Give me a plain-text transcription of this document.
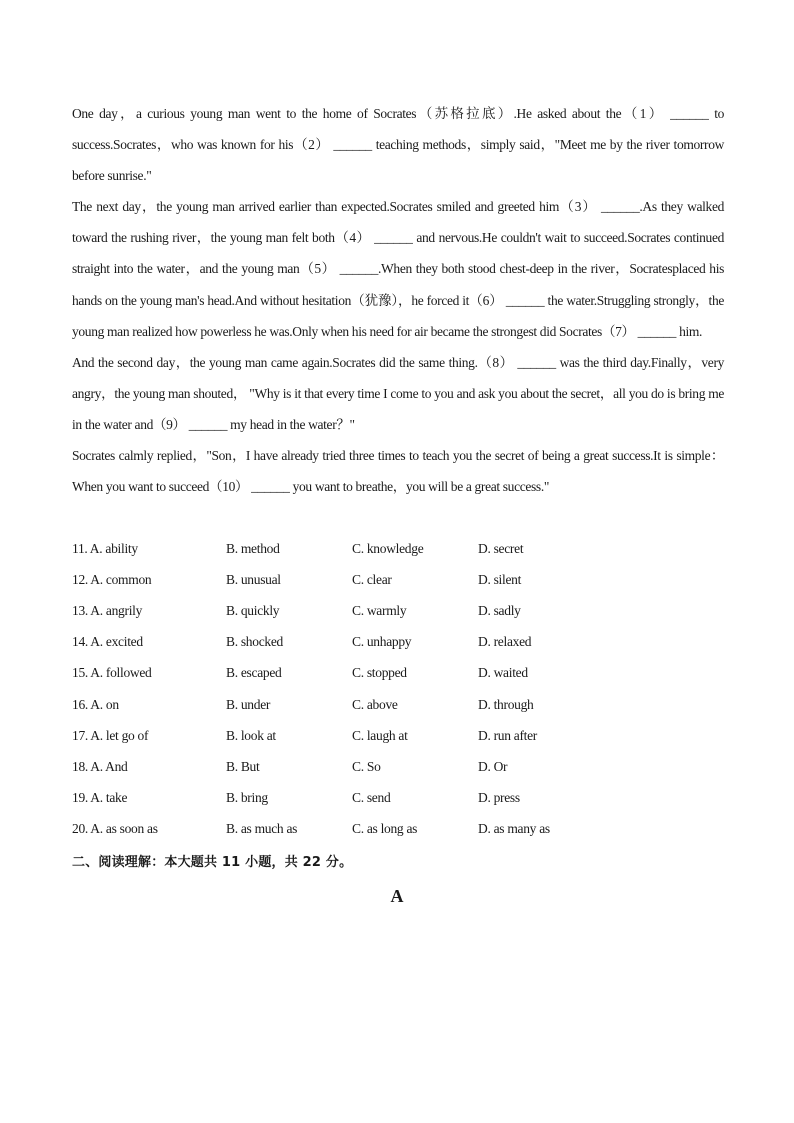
One day，a curious young man went to the home of Socrates（苏格拉底）.He asked about the（1） ______ to success.Socrates，who was known for his（2） ______ teaching methods，simply said，"Meet me by the river tomorrow before sunrise."

The next day，the young man arrived earlier than expected.Socrates smiled and greeted him（3） ______.As they walked toward the rushing river，the young man felt both（4） ______ and nervous.He couldn't wait to succeed.Socrates continued straight into the water，and the young man（5） ______.When they both stood chest-deep in the river，Socratesplaced his hands on the young man's head.And without hesitation（犹豫），he forced it（6） ______ the water.Struggling strongly，the young man realized how powerless he was.Only when his need for air became the strongest did Socrates（7） ______ him.

And the second day，the young man came again.Socrates did the same thing.（8） ______ was the third day.Finally，very angry，the young man shouted， "Why is it that every time I come to you and ask you about the secret，all you do is bring me in the water and（9） ______ my head in the water？"

Socrates calmly replied，"Son，I have already tried three times to teach you the secret of being a great success.It is simple：When you want to succeed（10） ______ you want to breathe，you will be a great success."

11. A. ability	B. method	C. knowledge	D. secret
12. A. common	B. unusual	C. clear	D. silent
13. A. angrily	B. quickly	C. warmly	D. sadly
14. A. excited	B. shocked	C. unhappy	D. relaxed
15. A. followed	B. escaped	C. stopped	D. waited
16. A. on	B. under	C. above	D. through
17. A. let go of	B. look at	C. laugh at	D. run after
18. A. And	B. But	C. So	D. Or
19. A. take	B. bring	C. send	D. press
20. A. as soon as	B. as much as	C. as long as	D. as many as
二、阅读理解：本大题共 11 小题，共 22 分。
A
